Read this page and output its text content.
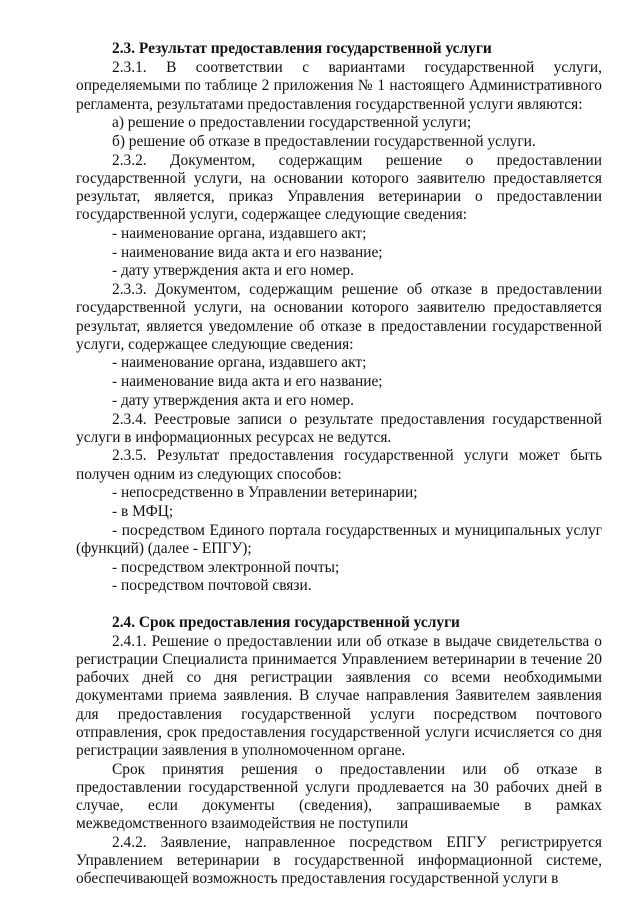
2.3. Результат предоставления государственной услуги

2.3.1. В соответствии с вариантами государственной услуги, определяемыми по таблице 2 приложения № 1 настоящего Административного регламента, результатами предоставления государственной услуги являются:

а) решение о предоставлении государственной услуги;

б) решение об отказе в предоставлении государственной услуги.

2.3.2. Документом, содержащим решение о предоставлении государственной услуги, на основании которого заявителю предоставляется результат, является, приказ Управления ветеринарии о предоставлении государственной услуги, содержащее следующие сведения:

- наименование органа, издавшего акт;

- наименование вида акта и его название;

- дату утверждения акта и его номер.

2.3.3. Документом, содержащим решение об отказе в предоставлении государственной услуги, на основании которого заявителю предоставляется результат, является уведомление об отказе в предоставлении государственной услуги, содержащее следующие сведения:

- наименование органа, издавшего акт;

- наименование вида акта и его название;

- дату утверждения акта и его номер.

2.3.4. Реестровые записи о результате предоставления государственной услуги в информационных ресурсах не ведутся.

2.3.5. Результат предоставления государственной услуги может быть получен одним из следующих способов:

- непосредственно в Управлении ветеринарии;

- в МФЦ;

- посредством Единого портала государственных и муниципальных услуг (функций) (далее - ЕПГУ);

- посредством электронной почты;

- посредством почтовой связи.

2.4. Срок предоставления государственной услуги

2.4.1. Решение о предоставлении или об отказе в выдаче свидетельства о регистрации Специалиста принимается Управлением ветеринарии в течение 20 рабочих дней со дня регистрации заявления со всеми необходимыми документами приема заявления. В случае направления Заявителем заявления для предоставления государственной услуги посредством почтового отправления, срок предоставления государственной услуги исчисляется со дня регистрации заявления в уполномоченном органе.

Срок принятия решения о предоставлении или об отказе в предоставлении государственной услуги продлевается на 30 рабочих дней в случае, если документы (сведения), запрашиваемые в рамках межведомственного взаимодействия не поступили

2.4.2. Заявление, направленное посредством ЕПГУ регистрируется Управлением ветеринарии в государственной информационной системе, обеспечивающей возможность предоставления государственной услуги в
